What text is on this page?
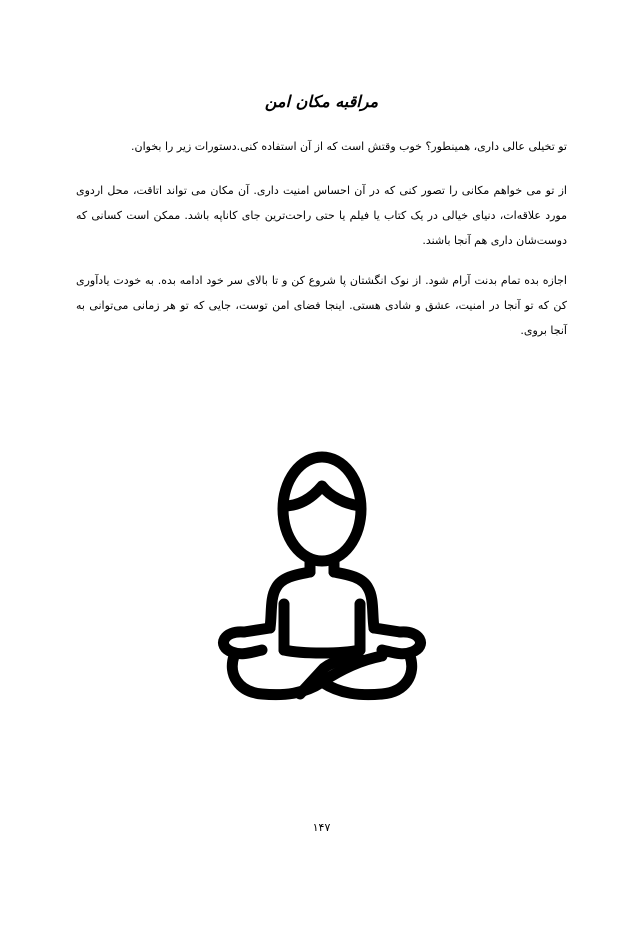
مراقبه مکان امن

تو تخیلی عالی داری، همینطور؟ خوب وقتش است که از آن استفاده کنی.دستورات زیر را بخوان.

از تو می خواهم مکانی را تصور کنی که در آن احساس امنیت داری. آن مکان می تواند اتاقت، محل اردوی مورد علاقه‌ات، دنیای خیالی در یک کتاب یا فیلم یا حتی راحت‌ترین جای کاناپه باشد. ممکن است کسانی که دوست‌شان داری هم آنجا باشند.

اجازه بده تمام بدنت آرام شود. از نوک انگشتان پا شروع کن و تا بالای سر خود ادامه بده. به خودت یادآوری کن که تو آنجا در امنیت، عشق و شادی هستی. اینجا فضای امن توست، جایی که تو هر زمانی می‌توانی به آنجا بروی.

۱۴۷
